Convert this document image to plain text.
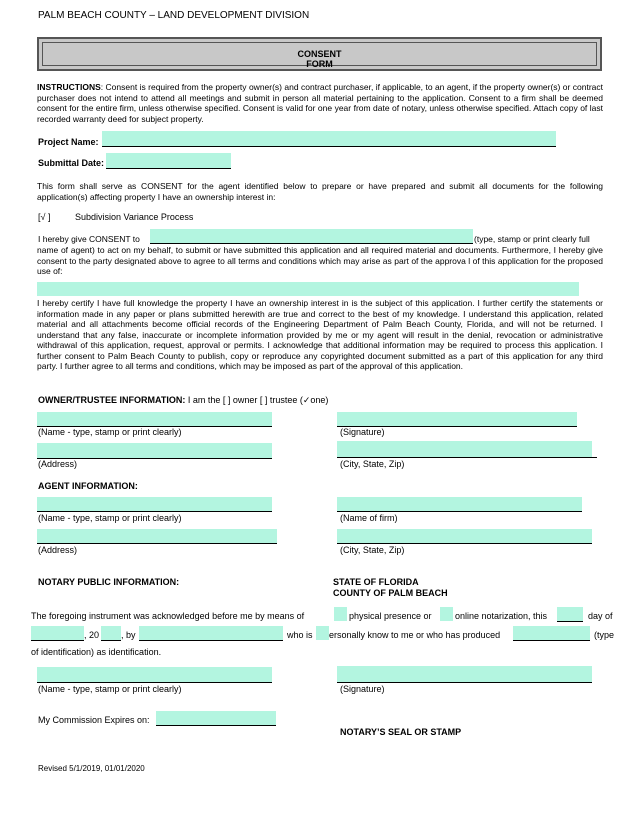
PALM BEACH COUNTY – LAND DEVELOPMENT DIVISION
CONSENT
FORM
INSTRUCTIONS: Consent is required from the property owner(s) and contract purchaser, if applicable, to an agent, if the property owner(s) or contract purchaser does not intend to attend all meetings and submit in person all material pertaining to the application. Consent to a firm shall be deemed consent for the entire firm, unless otherwise specified. Consent is valid for one year from date of notary, unless otherwise specified. Attach copy of last recorded warranty deed for subject property.
Project Name:
Submittal Date:
This form shall serve as CONSENT for the agent identified below to prepare or have prepared and submit all documents for the following application(s) affecting property I have an ownership interest in:
[√ ]	Subdivision Variance Process
I hereby give CONSENT to	(type, stamp or print clearly full
name of agent) to act on my behalf, to submit or have submitted this application and all required material and documents. Furthermore, I hereby give consent to the party designated above to agree to all terms and conditions which may arise as part of the approva l of this application for the proposed use of:
I hereby certify I have full knowledge the property I have an ownership interest in is the subject of this application. I further certify the statements or information made in any paper or plans submitted herewith are true and correct to the best of my knowledge. I understand this application, related material and all attachments become official records of the Engineering Department of Palm Beach County, Florida, and will not be returned. I understand that any false, inaccurate or incomplete information provided by me or my agent will result in the denial, revocation or administrative withdrawal of this application, request, approval or permits. I acknowledge that additional information may be required to process this application. I further consent to Palm Beach County to publish, copy or reproduce any copyrighted document submitted as a part of this application for any third party. I further agree to all terms and conditions, which may be imposed as part of the approval of this application.
OWNER/TRUSTEE INFORMATION: I am the [ ] owner [ ] trustee (✓one)
(Name - type, stamp or print clearly)	(Signature)
(Address)	(City, State, Zip)
AGENT INFORMATION:
(Name - type, stamp or print clearly)	(Name of firm)
(Address)	(City, State, Zip)
NOTARY PUBLIC INFORMATION:	STATE OF FLORIDA
COUNTY OF PALM BEACH
The foregoing instrument was acknowledged before me by means of	physical presence or	online notarization, this	day of
, 20 , by	who is ersonally know to me or who has produced	(type
of identification) as identification.
(Name - type, stamp or print clearly)	(Signature)
My Commission Expires on:
NOTARY’S SEAL OR STAMP
Revised 5/1/2019, 01/01/2020
